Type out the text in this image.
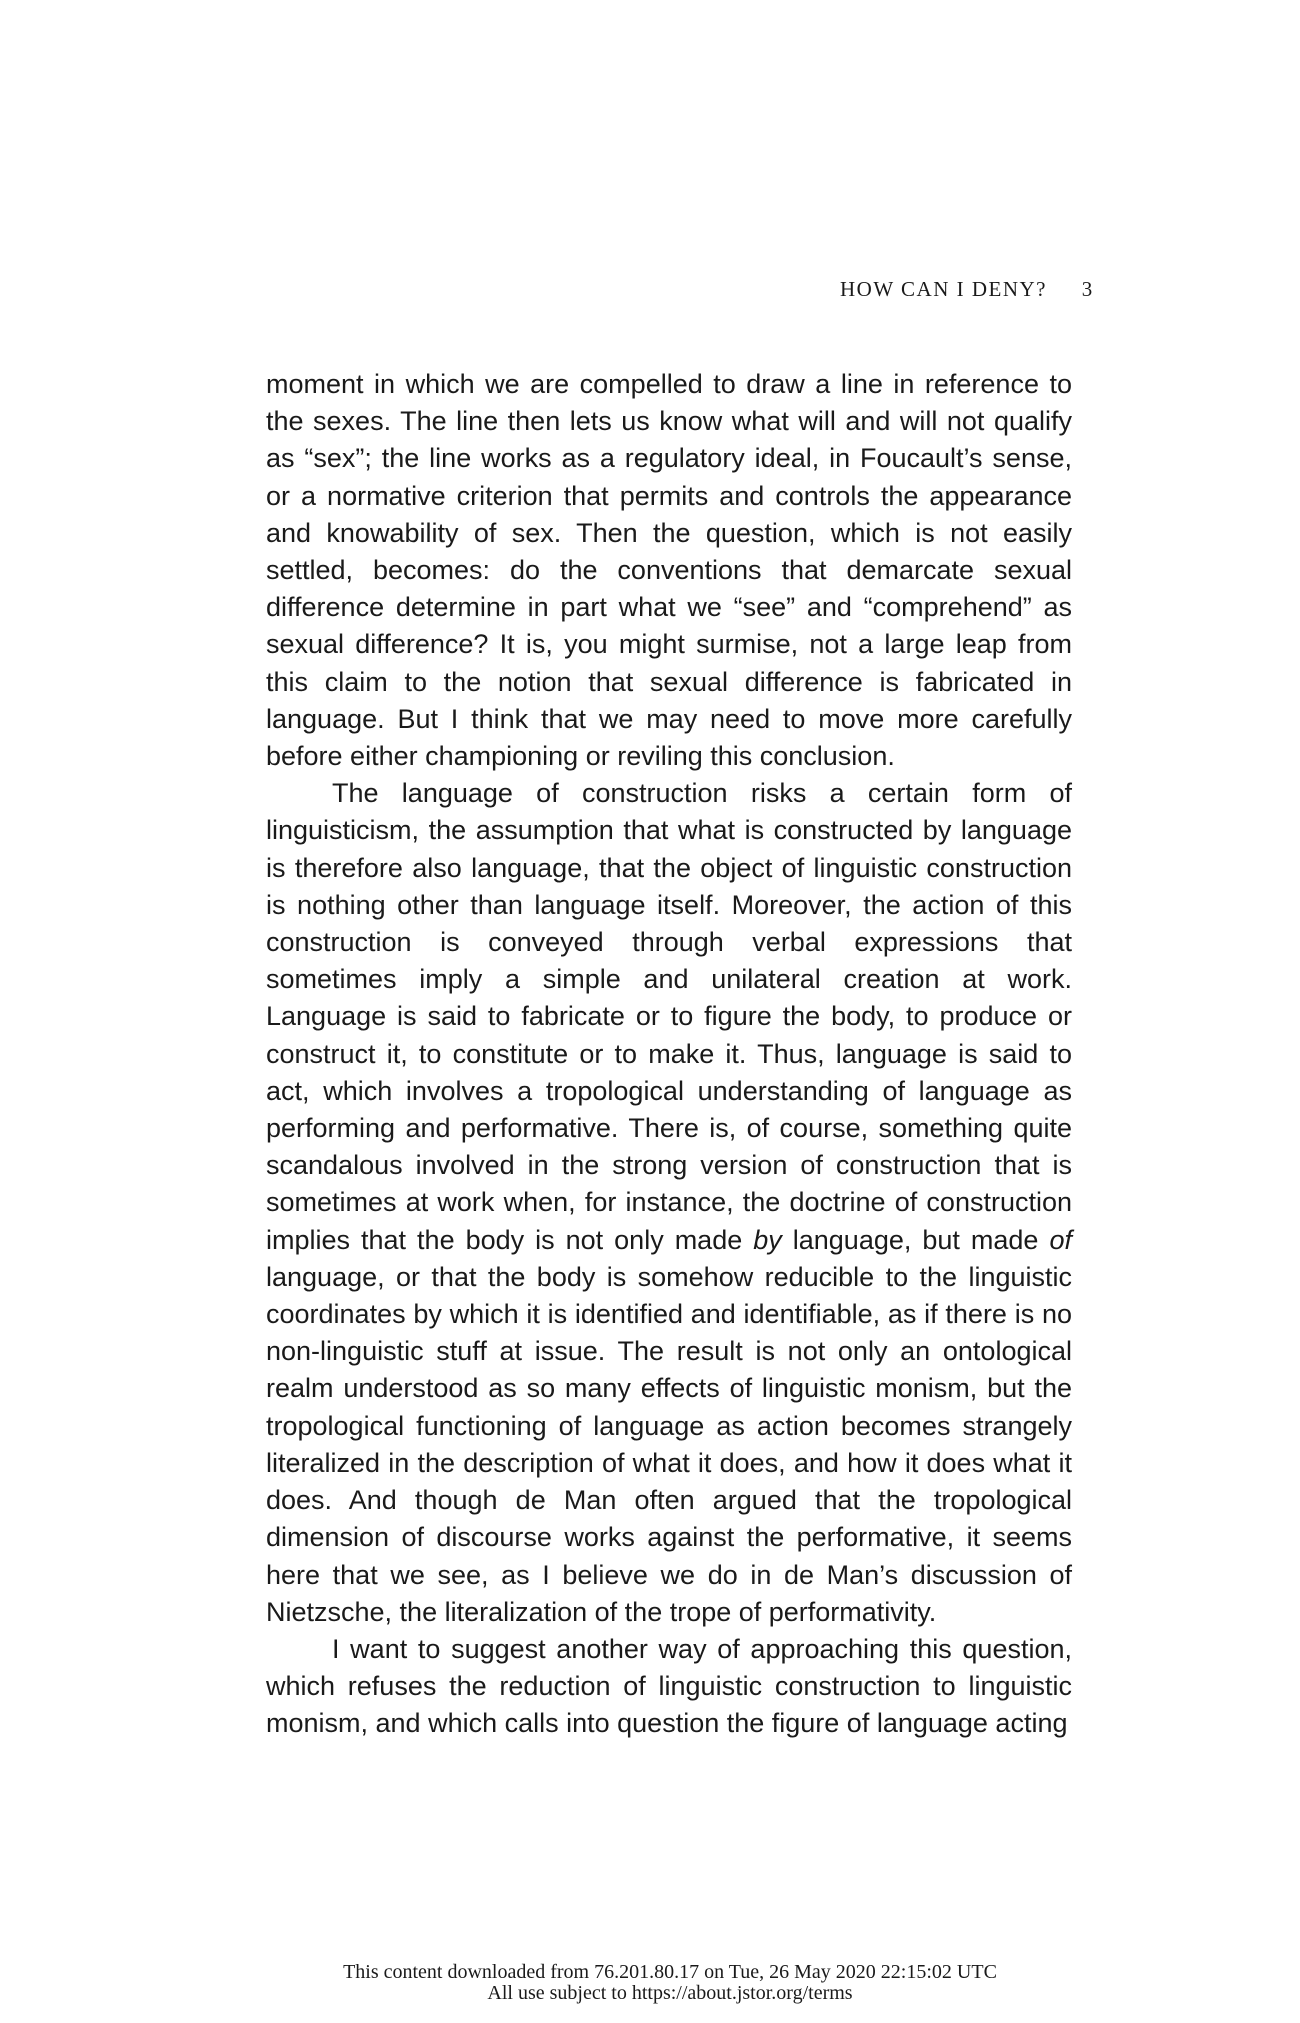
HOW CAN I DENY? 3

moment in which we are compelled to draw a line in reference to the sexes. The line then lets us know what will and will not qualify as “sex”; the line works as a regulatory ideal, in Foucault’s sense, or a normative criterion that permits and controls the appearance and knowability of sex. Then the question, which is not easily settled, becomes: do the conventions that demarcate sexual difference determine in part what we “see” and “comprehend” as sexual difference? It is, you might surmise, not a large leap from this claim to the notion that sexual difference is fabricated in language. But I think that we may need to move more carefully before either championing or reviling this conclusion.

The language of construction risks a certain form of linguisticism, the assumption that what is constructed by language is therefore also language, that the object of linguistic construction is nothing other than language itself. Moreover, the action of this construction is conveyed through verbal expressions that sometimes imply a simple and unilateral creation at work. Language is said to fabricate or to figure the body, to produce or construct it, to constitute or to make it. Thus, language is said to act, which involves a tropological understanding of language as performing and performative. There is, of course, something quite scandalous involved in the strong version of construction that is sometimes at work when, for instance, the doctrine of construction implies that the body is not only made by language, but made of language, or that the body is somehow reducible to the linguistic coordinates by which it is identified and identifiable, as if there is no non-linguistic stuff at issue. The result is not only an ontological realm understood as so many effects of linguistic monism, but the tropological functioning of language as action becomes strangely literalized in the description of what it does, and how it does what it does. And though de Man often argued that the tropological dimension of discourse works against the performative, it seems here that we see, as I believe we do in de Man’s discussion of Nietzsche, the literalization of the trope of performativity.

I want to suggest another way of approaching this question, which refuses the reduction of linguistic construction to linguistic monism, and which calls into question the figure of language acting

This content downloaded from 76.201.80.17 on Tue, 26 May 2020 22:15:02 UTC
All use subject to https://about.jstor.org/terms
